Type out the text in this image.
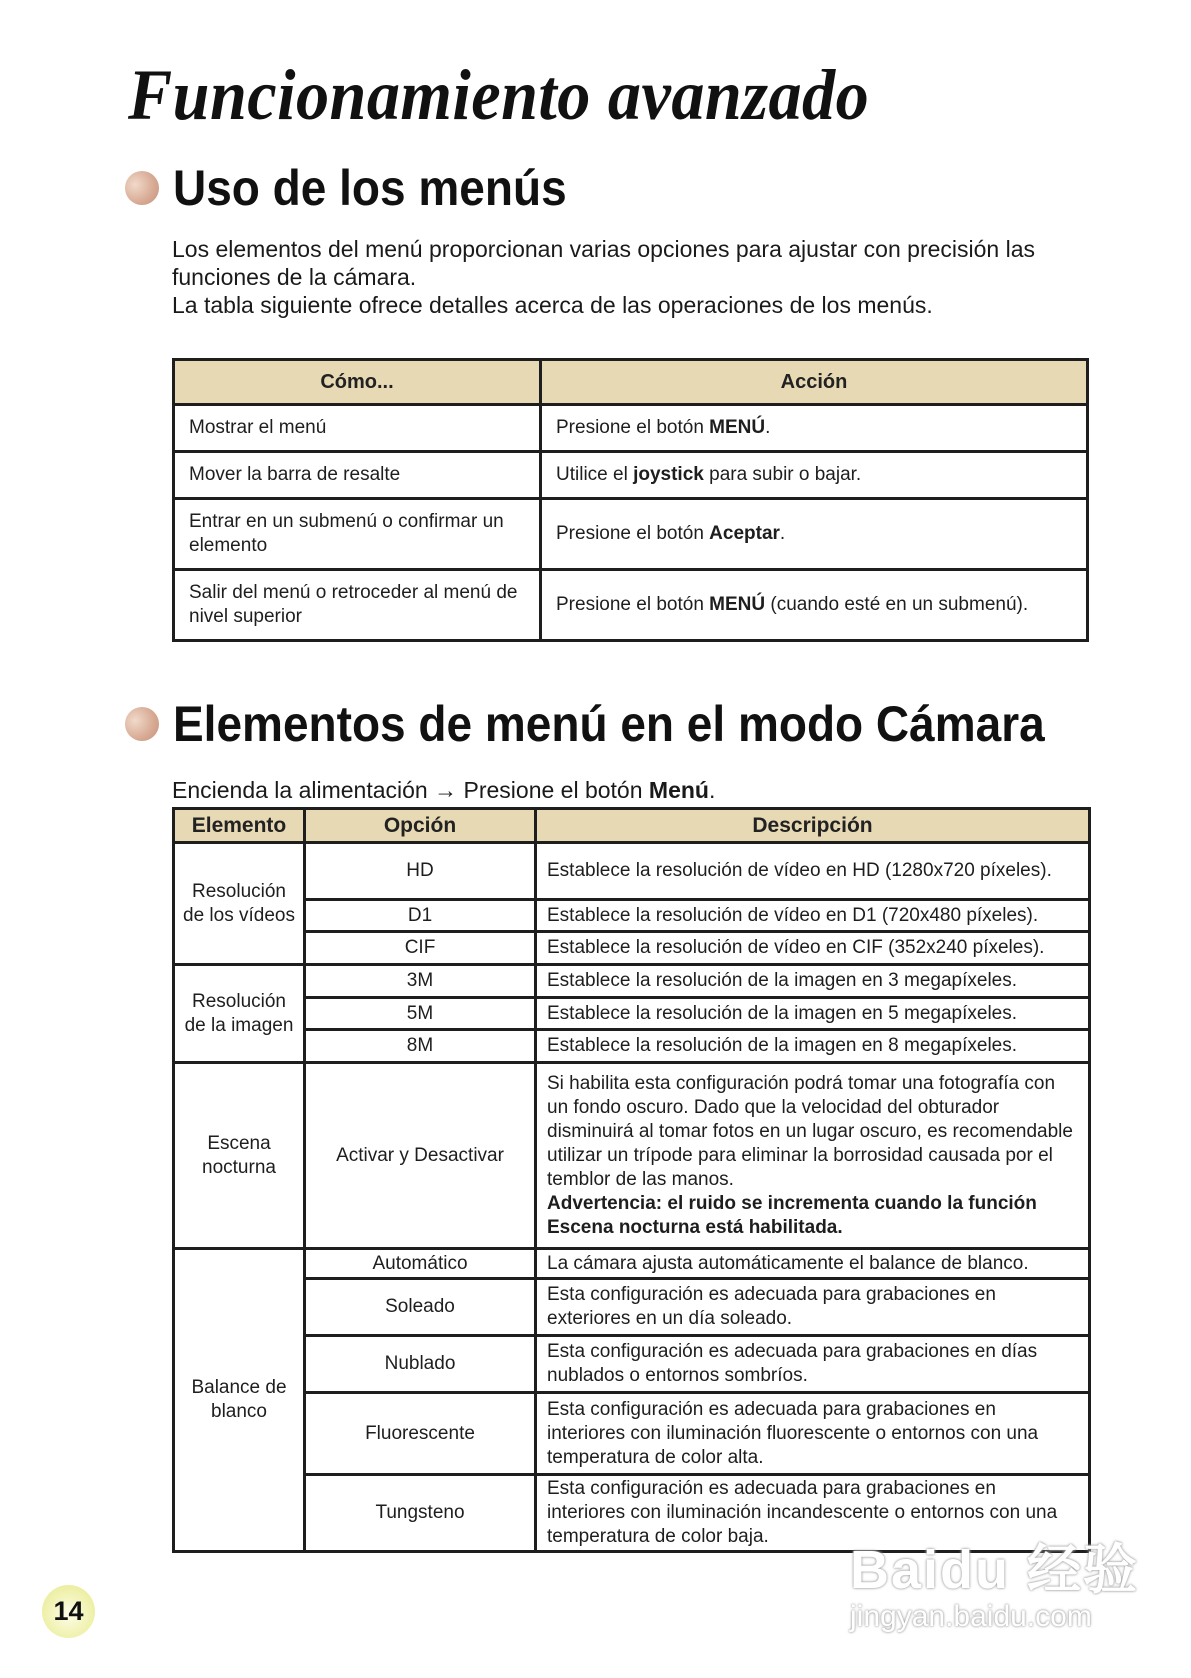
Funcionamiento avanzado
Uso de los menús
Los elementos del menú proporcionan varias opciones para ajustar con precisión las
funciones de la cámara.
La tabla siguiente ofrece detalles acerca de las operaciones de los menús.
Cómo...	Acción
Mostrar el menú	Presione el botón MENÚ.
Mover la barra de resalte	Utilice el joystick para subir o bajar.
Entrar en un submenú o confirmar un elemento	Presione el botón Aceptar.
Salir del menú o retroceder al menú de nivel superior	Presione el botón MENÚ (cuando esté en un submenú).
Elementos de menú en el modo Cámara
Encienda la alimentación → Presione el botón Menú.
Elemento	Opción	Descripción
Resolución de los vídeos	HD	Establece la resolución de vídeo en HD (1280x720 píxeles).
	D1	Establece la resolución de vídeo en D1 (720x480 píxeles).
	CIF	Establece la resolución de vídeo en CIF (352x240 píxeles).
Resolución de la imagen	3M	Establece la resolución de la imagen en 3 megapíxeles.
	5M	Establece la resolución de la imagen en 5 megapíxeles.
	8M	Establece la resolución de la imagen en 8 megapíxeles.
Escena nocturna	Activar y Desactivar	Si habilita esta configuración podrá tomar una fotografía con un fondo oscuro. Dado que la velocidad del obturador disminuirá al tomar fotos en un lugar oscuro, es recomendable utilizar un trípode para eliminar la borrosidad causada por el temblor de las manos.
Advertencia: el ruido se incrementa cuando la función Escena nocturna está habilitada.
Balance de blanco	Automático	La cámara ajusta automáticamente el balance de blanco.
	Soleado	Esta configuración es adecuada para grabaciones en exteriores en un día soleado.
	Nublado	Esta configuración es adecuada para grabaciones en días nublados o entornos sombríos.
	Fluorescente	Esta configuración es adecuada para grabaciones en interiores con iluminación fluorescente o entornos con una temperatura de color alta.
	Tungsteno	Esta configuración es adecuada para grabaciones en interiores con iluminación incandescente o entornos con una temperatura de color baja.
14
Baidu 经验
jingyan.baidu.com
